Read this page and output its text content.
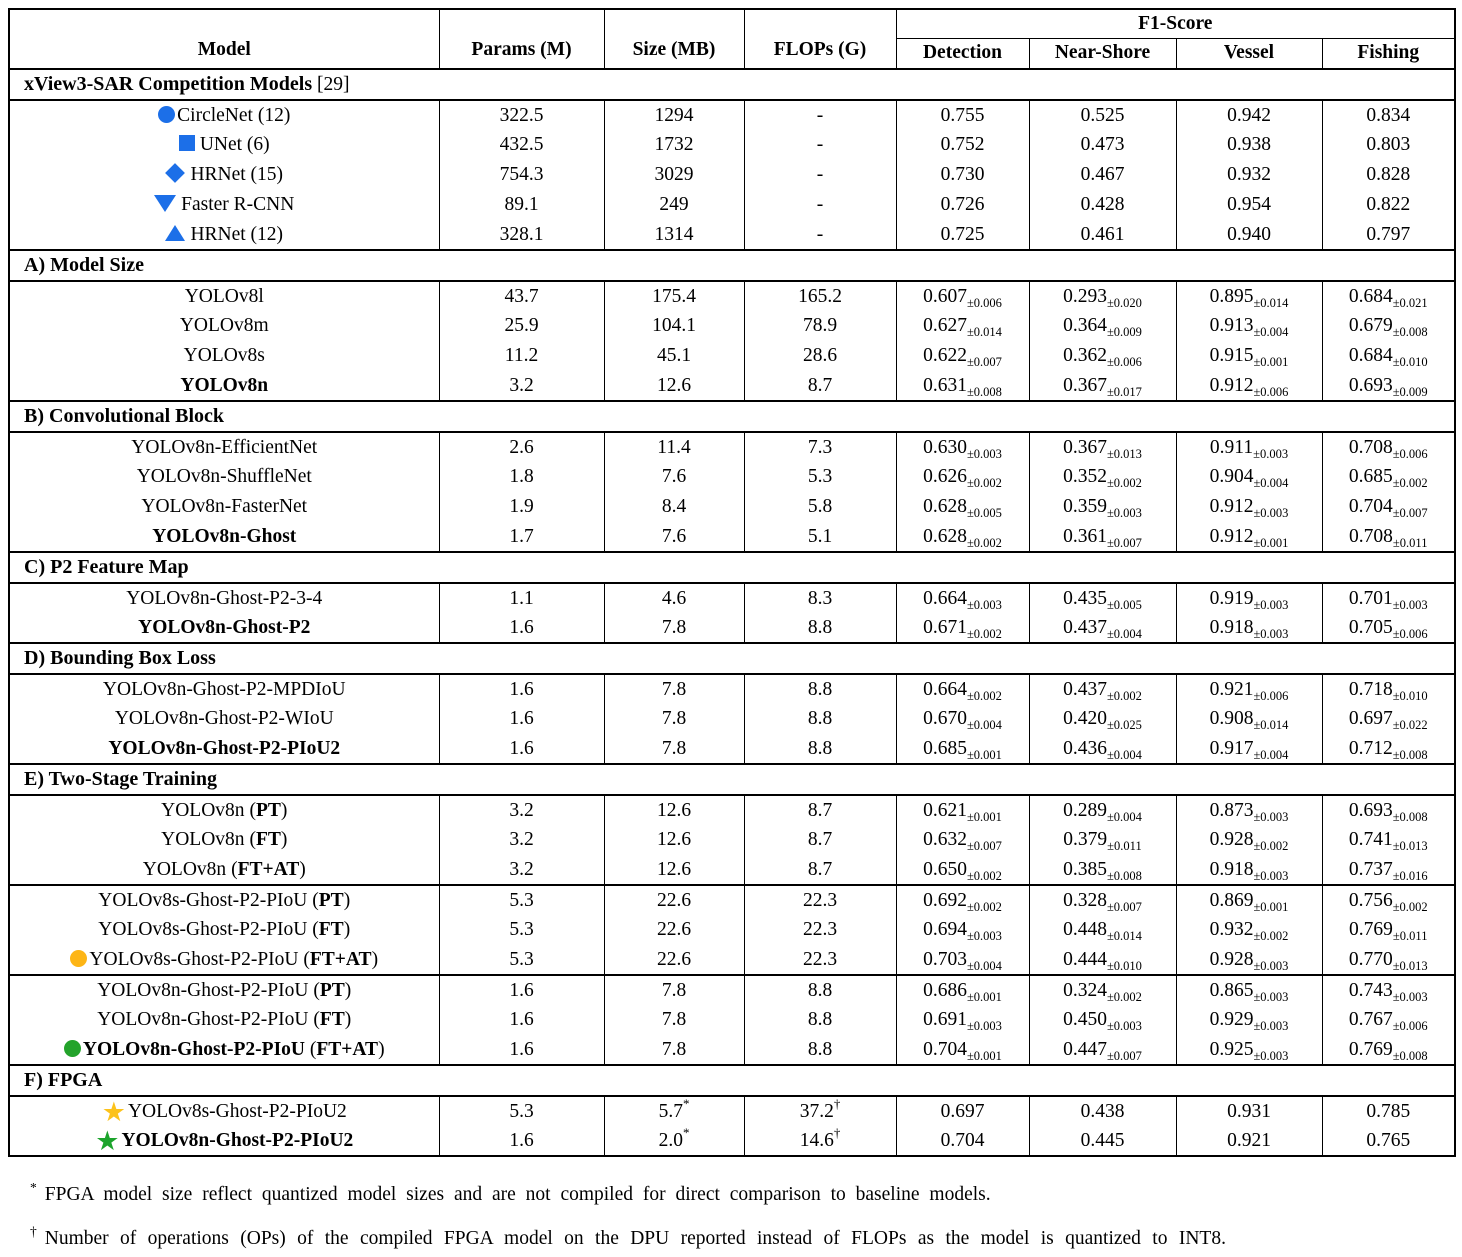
Model	Params (M)	Size (MB)	FLOPs (G)	F1-Score			
				Detection	Near-Shore	Vessel	Fishing
xView3-SAR Competition Models [29]							
CircleNet (12)	322.5	1294	-	0.755	0.525	0.942	0.834
UNet (6)	432.5	1732	-	0.752	0.473	0.938	0.803
HRNet (15)	754.3	3029	-	0.730	0.467	0.932	0.828
Faster R-CNN	89.1	249	-	0.726	0.428	0.954	0.822
HRNet (12)	328.1	1314	-	0.725	0.461	0.940	0.797
A) Model Size							
YOLOv8l	43.7	175.4	165.2	$0.607_{\pm 0.006}$	$0.293_{\pm 0.020}$	$0.895_{\pm 0.014}$	$0.684_{\pm 0.021}$
YOLOv8m	25.9	104.1	78.9	$0.627_{\pm 0.014}$	$0.364_{\pm 0.009}$	$0.913_{\pm 0.004}$	$0.679_{\pm 0.008}$
YOLOv8s	11.2	45.1	28.6	$0.622_{\pm 0.007}$	$0.362_{\pm 0.006}$	$0.915_{\pm 0.001}$	$0.684_{\pm 0.010}$
YOLOv8n	3.2	12.6	8.7	$0.631_{\pm 0.008}$	$0.367_{\pm 0.017}$	$0.912_{\pm 0.006}$	$0.693_{\pm 0.009}$
B) Convolutional Block							
YOLOv8n-EfficientNet	2.6	11.4	7.3	$0.630_{\pm 0.003}$	$0.367_{\pm 0.013}$	$0.911_{\pm 0.003}$	$0.708_{\pm 0.006}$
YOLOv8n-ShuffleNet	1.8	7.6	5.3	$0.626_{\pm 0.002}$	$0.352_{\pm 0.002}$	$0.904_{\pm 0.004}$	$0.685_{\pm 0.002}$
YOLOv8n-FasterNet	1.9	8.4	5.8	$0.628_{\pm 0.005}$	$0.359_{\pm 0.003}$	$0.912_{\pm 0.003}$	$0.704_{\pm 0.007}$
YOLOv8n-Ghost	1.7	7.6	5.1	$0.628_{\pm 0.002}$	$0.361_{\pm 0.007}$	$0.912_{\pm 0.001}$	$0.708_{\pm 0.011}$
C) P2 Feature Map							
YOLOv8n-Ghost-P2-3-4	1.1	4.6	8.3	$0.664_{\pm 0.003}$	$0.435_{\pm 0.005}$	$0.919_{\pm 0.003}$	$0.701_{\pm 0.003}$
YOLOv8n-Ghost-P2	1.6	7.8	8.8	$0.671_{\pm 0.002}$	$0.437_{\pm 0.004}$	$0.918_{\pm 0.003}$	$0.705_{\pm 0.006}$
D) Bounding Box Loss							
YOLOv8n-Ghost-P2-MPDIoU	1.6	7.8	8.8	$0.664_{\pm 0.002}$	$0.437_{\pm 0.002}$	$0.921_{\pm 0.006}$	$0.718_{\pm 0.010}$
YOLOv8n-Ghost-P2-WIoU	1.6	7.8	8.8	$0.670_{\pm 0.004}$	$0.420_{\pm 0.025}$	$0.908_{\pm 0.014}$	$0.697_{\pm 0.022}$
YOLOv8n-Ghost-P2-PIoU2	1.6	7.8	8.8	$0.685_{\pm 0.001}$	$0.436_{\pm 0.004}$	$0.917_{\pm 0.004}$	$0.712_{\pm 0.008}$
E) Two-Stage Training							
YOLOv8n (PT)	3.2	12.6	8.7	$0.621_{\pm 0.001}$	$0.289_{\pm 0.004}$	$0.873_{\pm 0.003}$	$0.693_{\pm 0.008}$
YOLOv8n (FT)	3.2	12.6	8.7	$0.632_{\pm 0.007}$	$0.379_{\pm 0.011}$	$0.928_{\pm 0.002}$	$0.741_{\pm 0.013}$
YOLOv8n (FT+AT)	3.2	12.6	8.7	$0.650_{\pm 0.002}$	$0.385_{\pm 0.008}$	$0.918_{\pm 0.003}$	$0.737_{\pm 0.016}$
YOLOv8s-Ghost-P2-PIoU (PT)	5.3	22.6	22.3	$0.692_{\pm 0.002}$	$0.328_{\pm 0.007}$	$0.869_{\pm 0.001}$	$0.756_{\pm 0.002}$
YOLOv8s-Ghost-P2-PIoU (FT)	5.3	22.6	22.3	$0.694_{\pm 0.003}$	$0.448_{\pm 0.014}$	$0.932_{\pm 0.002}$	$0.769_{\pm 0.011}$
YOLOv8s-Ghost-P2-PIoU (FT+AT)	5.3	22.6	22.3	$0.703_{\pm 0.004}$	$0.444_{\pm 0.010}$	$0.928_{\pm 0.003}$	$0.770_{\pm 0.013}$
YOLOv8n-Ghost-P2-PIoU (PT)	1.6	7.8	8.8	$0.686_{\pm 0.001}$	$0.324_{\pm 0.002}$	$0.865_{\pm 0.003}$	$0.743_{\pm 0.003}$
YOLOv8n-Ghost-P2-PIoU (FT)	1.6	7.8	8.8	$0.691_{\pm 0.003}$	$0.450_{\pm 0.003}$	$0.929_{\pm 0.003}$	$0.767_{\pm 0.006}$
YOLOv8n-Ghost-P2-PIoU (FT+AT)	1.6	7.8	8.8	$0.704_{\pm 0.001}$	$0.447_{\pm 0.007}$	$0.925_{\pm 0.003}$	$0.769_{\pm 0.008}$
F) FPGA							
★ YOLOv8s-Ghost-P2-PIoU2	5.3	5.7*	37.2†	0.697	0.438	0.931	0.785
★ YOLOv8n-Ghost-P2-PIoU2	1.6	2.0*	14.6†	0.704	0.445	0.921	0.765
* FPGA model size reflect quantized model sizes and are not compiled for direct comparison to baseline models.
† Number of operations (OPs) of the compiled FPGA model on the DPU reported instead of FLOPs as the model is quantized to INT8.
